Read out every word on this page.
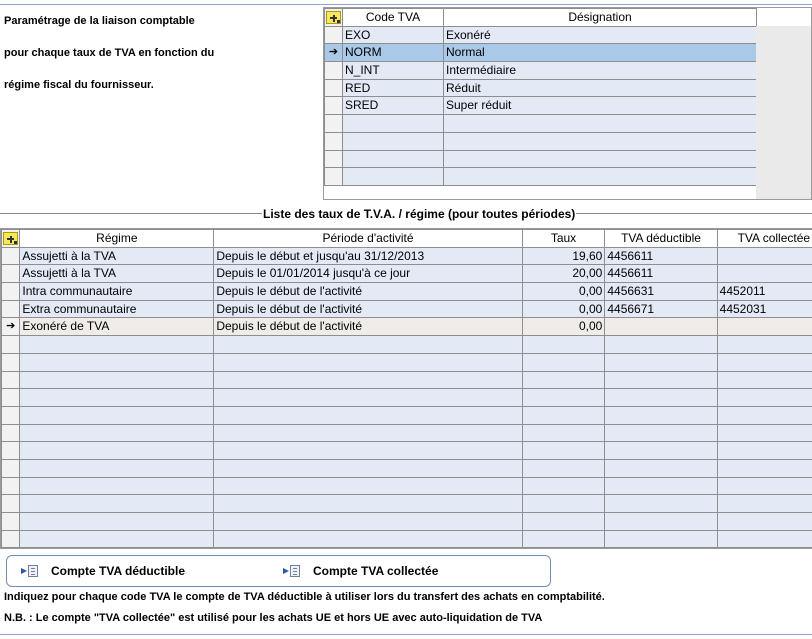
Paramétrage de la liaison comptable

pour chaque taux de TVA en fonction du

régime fiscal du fournisseur.

	Code TVA	Désignation
	EXO	Exonéré
➔	NORM	Normal
	N_INT	Intermédiaire
	RED	Réduit
	SRED	Super réduit

Liste des taux de T.V.A. / régime (pour toutes périodes)
	Régime	Période d'activité	Taux	TVA déductible	TVA collectée
	Assujetti à la TVA	Depuis le début et jusqu'au 31/12/2013	19,60	4456611	
	Assujetti à la TVA	Depuis le 01/01/2014 jusqu'à ce jour	20,00	4456611	
	Intra communautaire	Depuis le début de l'activité	0,00	4456631	4452011
	Extra communautaire	Depuis le début de l'activité	0,00	4456671	4452031
➔	Exonéré de TVA	Depuis le début de l'activité	0,00		

Compte TVA déductible	Compte TVA collectée
Indiquez pour chaque code TVA le compte de TVA déductible à utiliser lors du transfert des achats en comptabilité.
N.B. : Le compte "TVA collectée" est utilisé pour les achats UE et hors UE avec auto-liquidation de TVA
